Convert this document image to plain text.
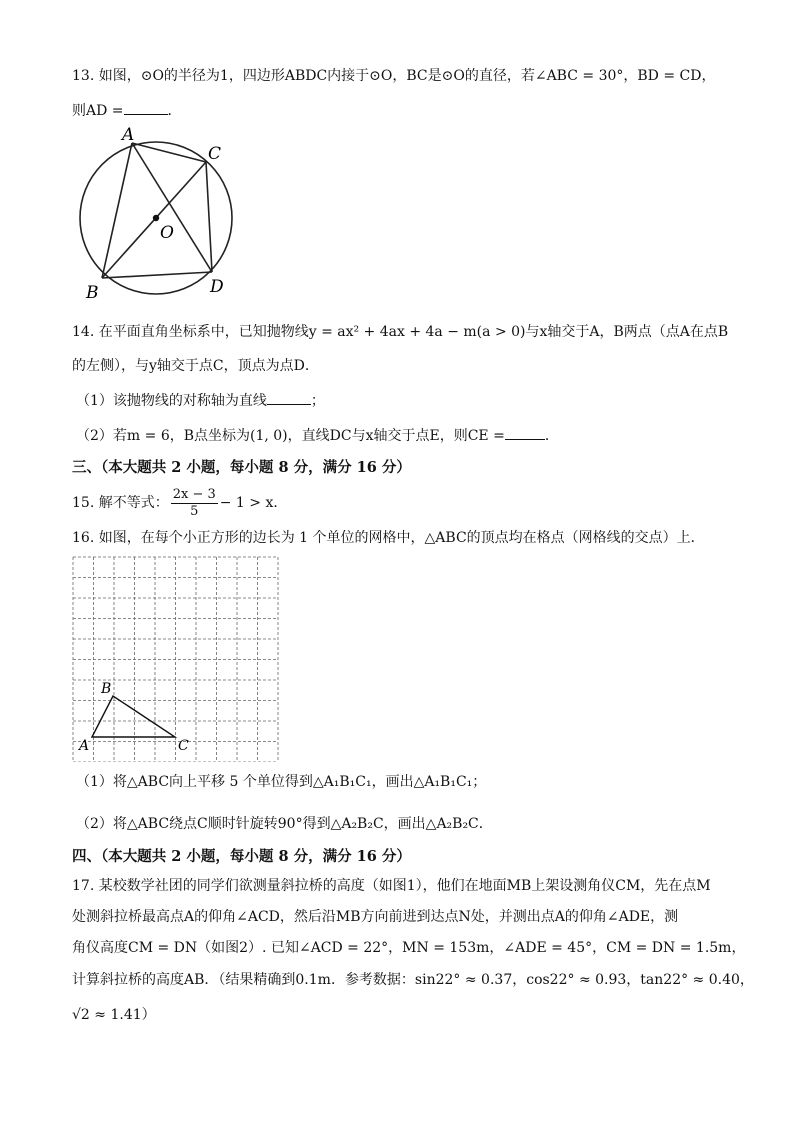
13. 如图，⊙O的半径为1，四边形ABDC内接于⊙O，BC是⊙O的直径，若∠ABC = 30°，BD = CD，
则AD =	．
A
C
O
B	D
14. 在平面直角坐标系中，已知抛物线y = ax² + 4ax + 4a − m(a > 0)与x轴交于A，B两点（点A在点B
的左侧），与y轴交于点C，顶点为点D．
（1）该抛物线的对称轴为直线	；
（2）若m = 6，B点坐标为(1, 0)，直线DC与x轴交于点E，则CE =	．
三、（本大题共 2 小题，每小题 8 分，满分 16 分）
15. 解不等式： $\frac{2x - 3}{5} - 1 > x$．
16. 如图，在每个小正方形的边长为 1 个单位的网格中，△ABC的顶点均在格点（网格线的交点）上．
B
A	C
（1）将△ABC向上平移 5 个单位得到△A₁B₁C₁，画出△A₁B₁C₁；
（2）将△ABC绕点C顺时针旋转90°得到△A₂B₂C，画出△A₂B₂C．
四、（本大题共 2 小题，每小题 8 分，满分 16 分）
17. 某校数学社团的同学们欲测量斜拉桥的高度（如图1），他们在地面MB上架设测角仪CM，先在点M
处测斜拉桥最高点A的仰角∠ACD，然后沿MB方向前进到达点N处，并测出点A的仰角∠ADE，测
角仪高度CM = DN（如图2）. 已知∠ACD = 22°，MN = 153m，∠ADE = 45°，CM = DN = 1.5m，
计算斜拉桥的高度AB．（结果精确到0.1m．参考数据：sin22° ≈ 0.37，cos22° ≈ 0.93，tan22° ≈ 0.40，
√2 ≈ 1.41）
